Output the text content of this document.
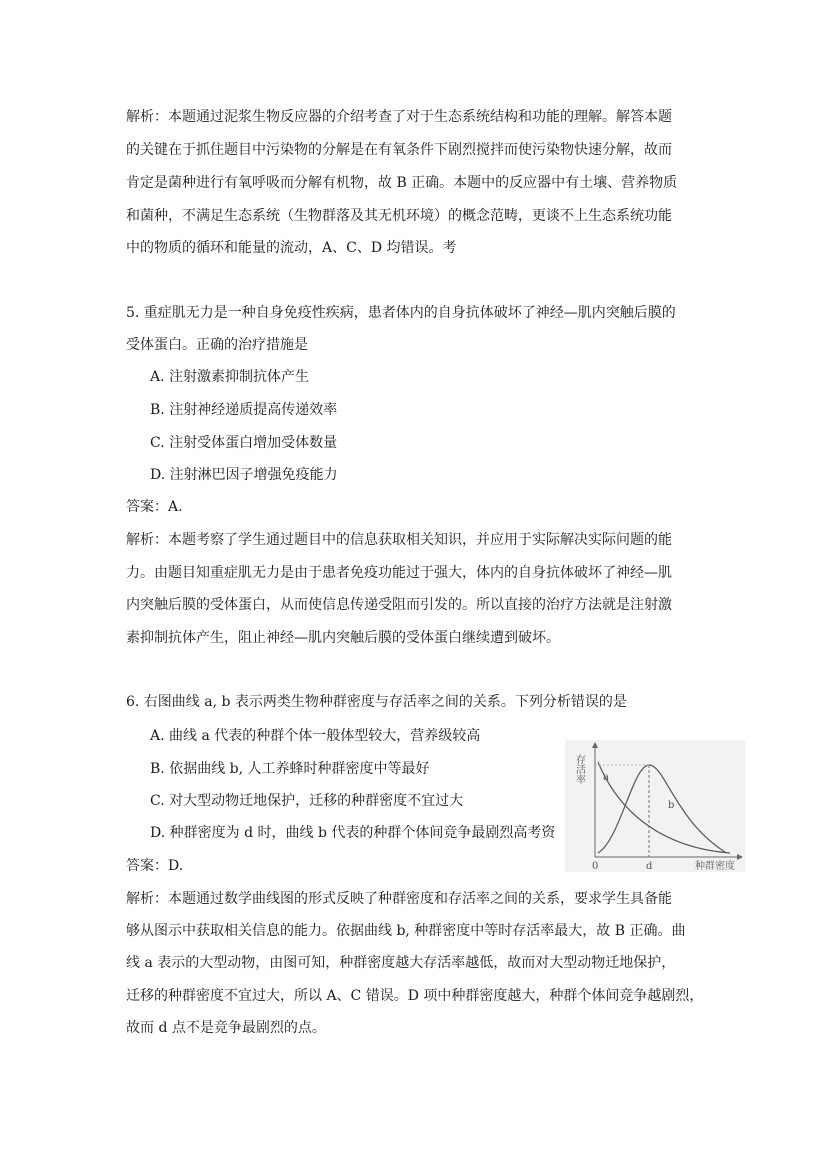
解析：本题通过泥浆生物反应器的介绍考查了对于生态系统结构和功能的理解。解答本题
的关键在于抓住题目中污染物的分解是在有氧条件下剧烈搅拌而使污染物快速分解，故而
肯定是菌种进行有氧呼吸而分解有机物，故 B 正确。本题中的反应器中有土壤、营养物质
和菌种，不满足生态系统（生物群落及其无机环境）的概念范畴，更谈不上生态系统功能
中的物质的循环和能量的流动，A、C、D 均错误。考
5. 重症肌无力是一种自身免疫性疾病，患者体内的自身抗体破坏了神经—肌内突触后膜的
受体蛋白。正确的治疗措施是
A. 注射激素抑制抗体产生
B. 注射神经递质提高传递效率
C. 注射受体蛋白增加受体数量
D. 注射淋巴因子增强免疫能力
答案：A.
解析：本题考察了学生通过题目中的信息获取相关知识，并应用于实际解决实际问题的能
力。由题目知重症肌无力是由于患者免疫功能过于强大，体内的自身抗体破坏了神经—肌
内突触后膜的受体蛋白，从而使信息传递受阻而引发的。所以直接的治疗方法就是注射激
素抑制抗体产生，阻止神经—肌内突触后膜的受体蛋白继续遭到破坏。
6. 右图曲线 a, b 表示两类生物种群密度与存活率之间的关系。下列分析错误的是
A. 曲线 a 代表的种群个体一般体型较大，营养级较高
B. 依据曲线 b, 人工养蜂时种群密度中等最好
C. 对大型动物迁地保护，迁移的种群密度不宜过大
D. 种群密度为 d 时，曲线 b 代表的种群个体间竞争最剧烈高考资
答案：D.
解析：本题通过数学曲线图的形式反映了种群密度和存活率之间的关系，要求学生具备能
够从图示中获取相关信息的能力。依据曲线 b, 种群密度中等时存活率最大，故 B 正确。曲
线 a 表示的大型动物，由图可知，种群密度越大存活率越低，故而对大型动物迁地保护，
迁移的种群密度不宜过大，所以 A、C 错误。D 项中种群密度越大，种群个体间竞争越剧烈，
故而 d 点不是竞争最剧烈的点。
存活率 a
b
0	d	种群密度
